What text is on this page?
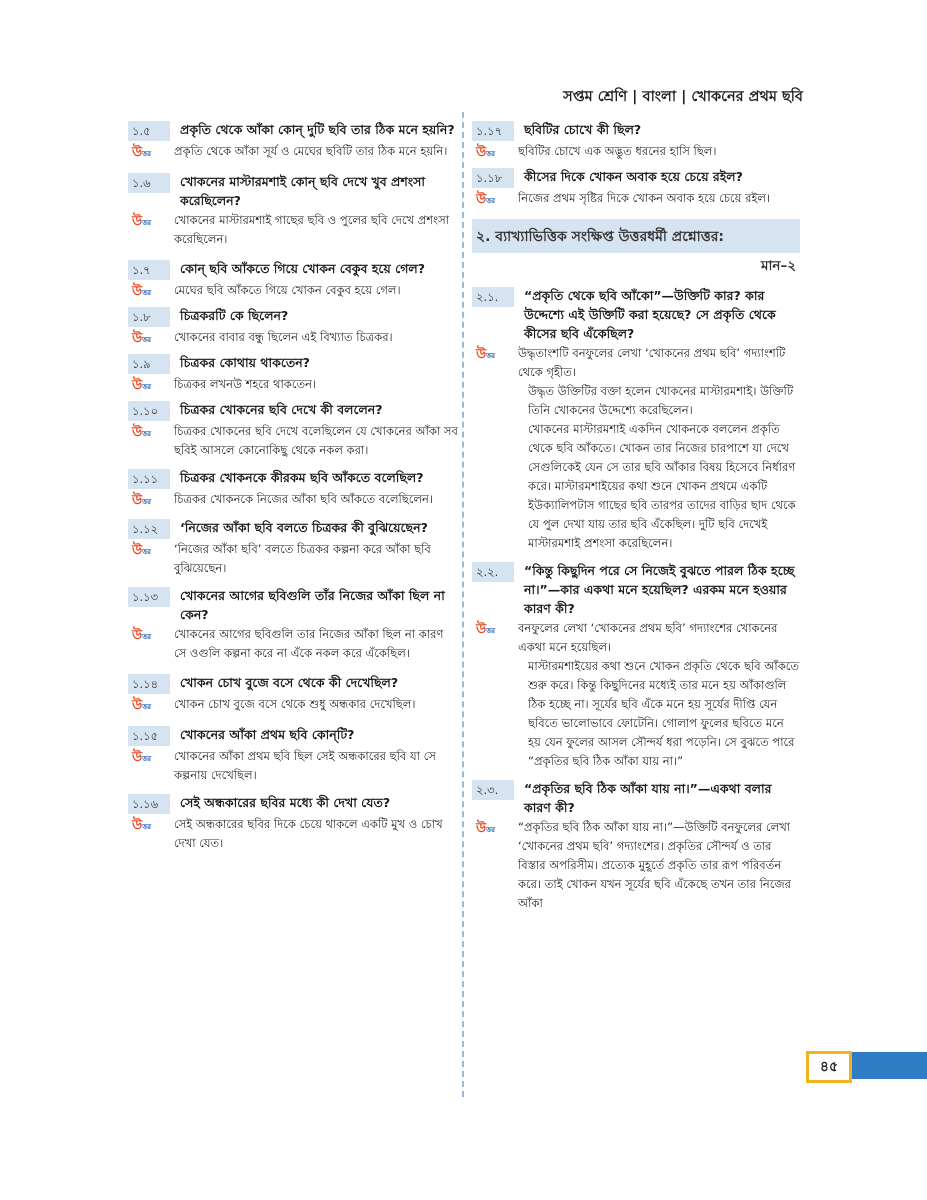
সপ্তম শ্রেণি | বাংলা | খোকনের প্রথম ছবি
১.৫	প্রকৃতি থেকে আঁকা কোন্ দুটি ছবি তার ঠিক মনে হয়নি?
উত্তর	প্রকৃতি থেকে আঁকা সূর্য ও মেঘের ছবিটি তার ঠিক মনে হয়নি।
১.৬	খোকনের মাস্টারমশাই কোন্ ছবি দেখে খুব প্রশংসা করেছিলেন?
উত্তর	খোকনের মাস্টারমশাই গাছের ছবি ও পুলের ছবি দেখে প্রশংসা করেছিলেন।
১.৭	কোন্ ছবি আঁকতে গিয়ে খোকন বেকুব হয়ে গেল?
উত্তর	মেঘের ছবি আঁকতে গিয়ে খোকন বেকুব হয়ে গেল।
১.৮	চিত্রকরটি কে ছিলেন?
উত্তর	খোকনের বাবার বন্ধু ছিলেন এই বিখ্যাত চিত্রকর।
১.৯	চিত্রকর কোথায় থাকতেন?
উত্তর	চিত্রকর লখনউ শহরে থাকতেন।
১.১০	চিত্রকর খোকনের ছবি দেখে কী বললেন?
উত্তর	চিত্রকর খোকনের ছবি দেখে বলেছিলেন যে খোকনের আঁকা সব ছবিই আসলে কোনোকিছু থেকে নকল করা।
১.১১	চিত্রকর খোকনকে কীরকম ছবি আঁকতে বলেছিল?
উত্তর	চিত্রকর খোকনকে নিজের আঁকা ছবি আঁকতে বলেছিলেন।
১.১২	‘নিজের আঁকা ছবি বলতে চিত্রকর কী বুঝিয়েছেন?
উত্তর	‘নিজের আঁকা ছবি’ বলতে চিত্রকর কল্পনা করে আঁকা ছবি বুঝিয়েছেন।
১.১৩	খোকনের আগের ছবিগুলি তাঁর নিজের আঁকা ছিল না কেন?
উত্তর	খোকনের আগের ছবিগুলি তার নিজের আঁকা ছিল না কারণ সে ওগুলি কল্পনা করে না এঁকে নকল করে এঁকেছিল।
১.১৪	খোকন চোখ বুজে বসে থেকে কী দেখেছিল?
উত্তর	খোকন চোখ বুজে বসে থেকে শুধু অন্ধকার দেখেছিল।
১.১৫	খোকনের আঁকা প্রথম ছবি কোন্‌টি?
উত্তর	খোকনের আঁকা প্রথম ছবি ছিল সেই অন্ধকারের ছবি যা সে কল্পনায় দেখেছিল।
১.১৬	সেই অন্ধকারের ছবির মধ্যে কী দেখা যেত?
উত্তর	সেই অন্ধকারের ছবির দিকে চেয়ে থাকলে একটি মুখ ও চোখ দেখা যেত।
১.১৭	ছবিটির চোখে কী ছিল?
উত্তর	ছবিটির চোখে এক অদ্ভুত ধরনের হাসি ছিল।
১.১৮	কীসের দিকে খোকন অবাক হয়ে চেয়ে রইল?
উত্তর	নিজের প্রথম সৃষ্টির দিকে খোকন অবাক হয়ে চেয়ে রইল।
২. ব্যাখ্যাভিত্তিক সংক্ষিপ্ত উত্তরধর্মী প্রশ্নোত্তর:
মান–২
২.১.	“প্রকৃতি থেকে ছবি আঁকো”—উক্তিটি কার? কার উদ্দেশ্যে এই উক্তিটি করা হয়েছে? সে প্রকৃতি থেকে কীসের ছবি এঁকেছিল?
উত্তর	উদ্ধৃতাংশটি বনফুলের লেখা ‘খোকনের প্রথম ছবি’ গদ্যাংশটি থেকে গৃহীত।
উদ্ধৃত উক্তিটির বক্তা হলেন খোকনের মাস্টারমশাই। উক্তিটি তিনি খোকনের উদ্দেশ্যে করেছিলেন।
খোকনের মাস্টারমশাই একদিন খোকনকে বললেন প্রকৃতি থেকে ছবি আঁকতে। খোকন তার নিজের চারপাশে যা দেখে সেগুলিকেই যেন সে তার ছবি আঁকার বিষয় হিসেবে নির্ধারণ করে। মাস্টারমশাইয়ের কথা শুনে খোকন প্রথমে একটি ইউক্যালিপটাস গাছের ছবি তারপর তাদের বাড়ির ছাদ থেকে যে পুল দেখা যায় তার ছবি এঁকেছিল। দুটি ছবি দেখেই মাস্টারমশাই প্রশংসা করেছিলেন।
২.২.	“কিন্তু কিছুদিন পরে সে নিজেই বুঝতে পারল ঠিক হচ্ছে না।”—কার একথা মনে হয়েছিল? এরকম মনে হওয়ার কারণ কী?
উত্তর	বনফুলের লেখা ‘খোকনের প্রথম ছবি’ গদ্যাংশের খোকনের একথা মনে হয়েছিল।
মাস্টারমশাইয়ের কথা শুনে খোকন প্রকৃতি থেকে ছবি আঁকতে শুরু করে। কিন্তু কিছুদিনের মধ্যেই তার মনে হয় আঁকাগুলি ঠিক হচ্ছে না। সূর্যের ছবি এঁকে মনে হয় সূর্যের দীপ্তি যেন ছবিতে ভালোভাবে ফোটেনি। গোলাপ ফুলের ছবিতে মনে হয় যেন ফুলের আসল সৌন্দর্য ধরা পড়েনি। সে বুঝতে পারে “প্রকৃতির ছবি ঠিক আঁকা যায় না।”
২.৩.	“প্রকৃতির ছবি ঠিক আঁকা যায় না।”—একথা বলার কারণ কী?
উত্তর	“প্রকৃতির ছবি ঠিক আঁকা যায় না।”—উক্তিটি বনফুলের লেখা ‘খোকনের প্রথম ছবি’ গদ্যাংশের। প্রকৃতির সৌন্দর্য ও তার বিস্তার অপরিসীম। প্রত্যেক মুহূর্তে প্রকৃতি তার রূপ পরিবর্তন করে। তাই খোকন যখন সূর্যের ছবি এঁকেছে তখন তার নিজের আঁকা
৪৫
